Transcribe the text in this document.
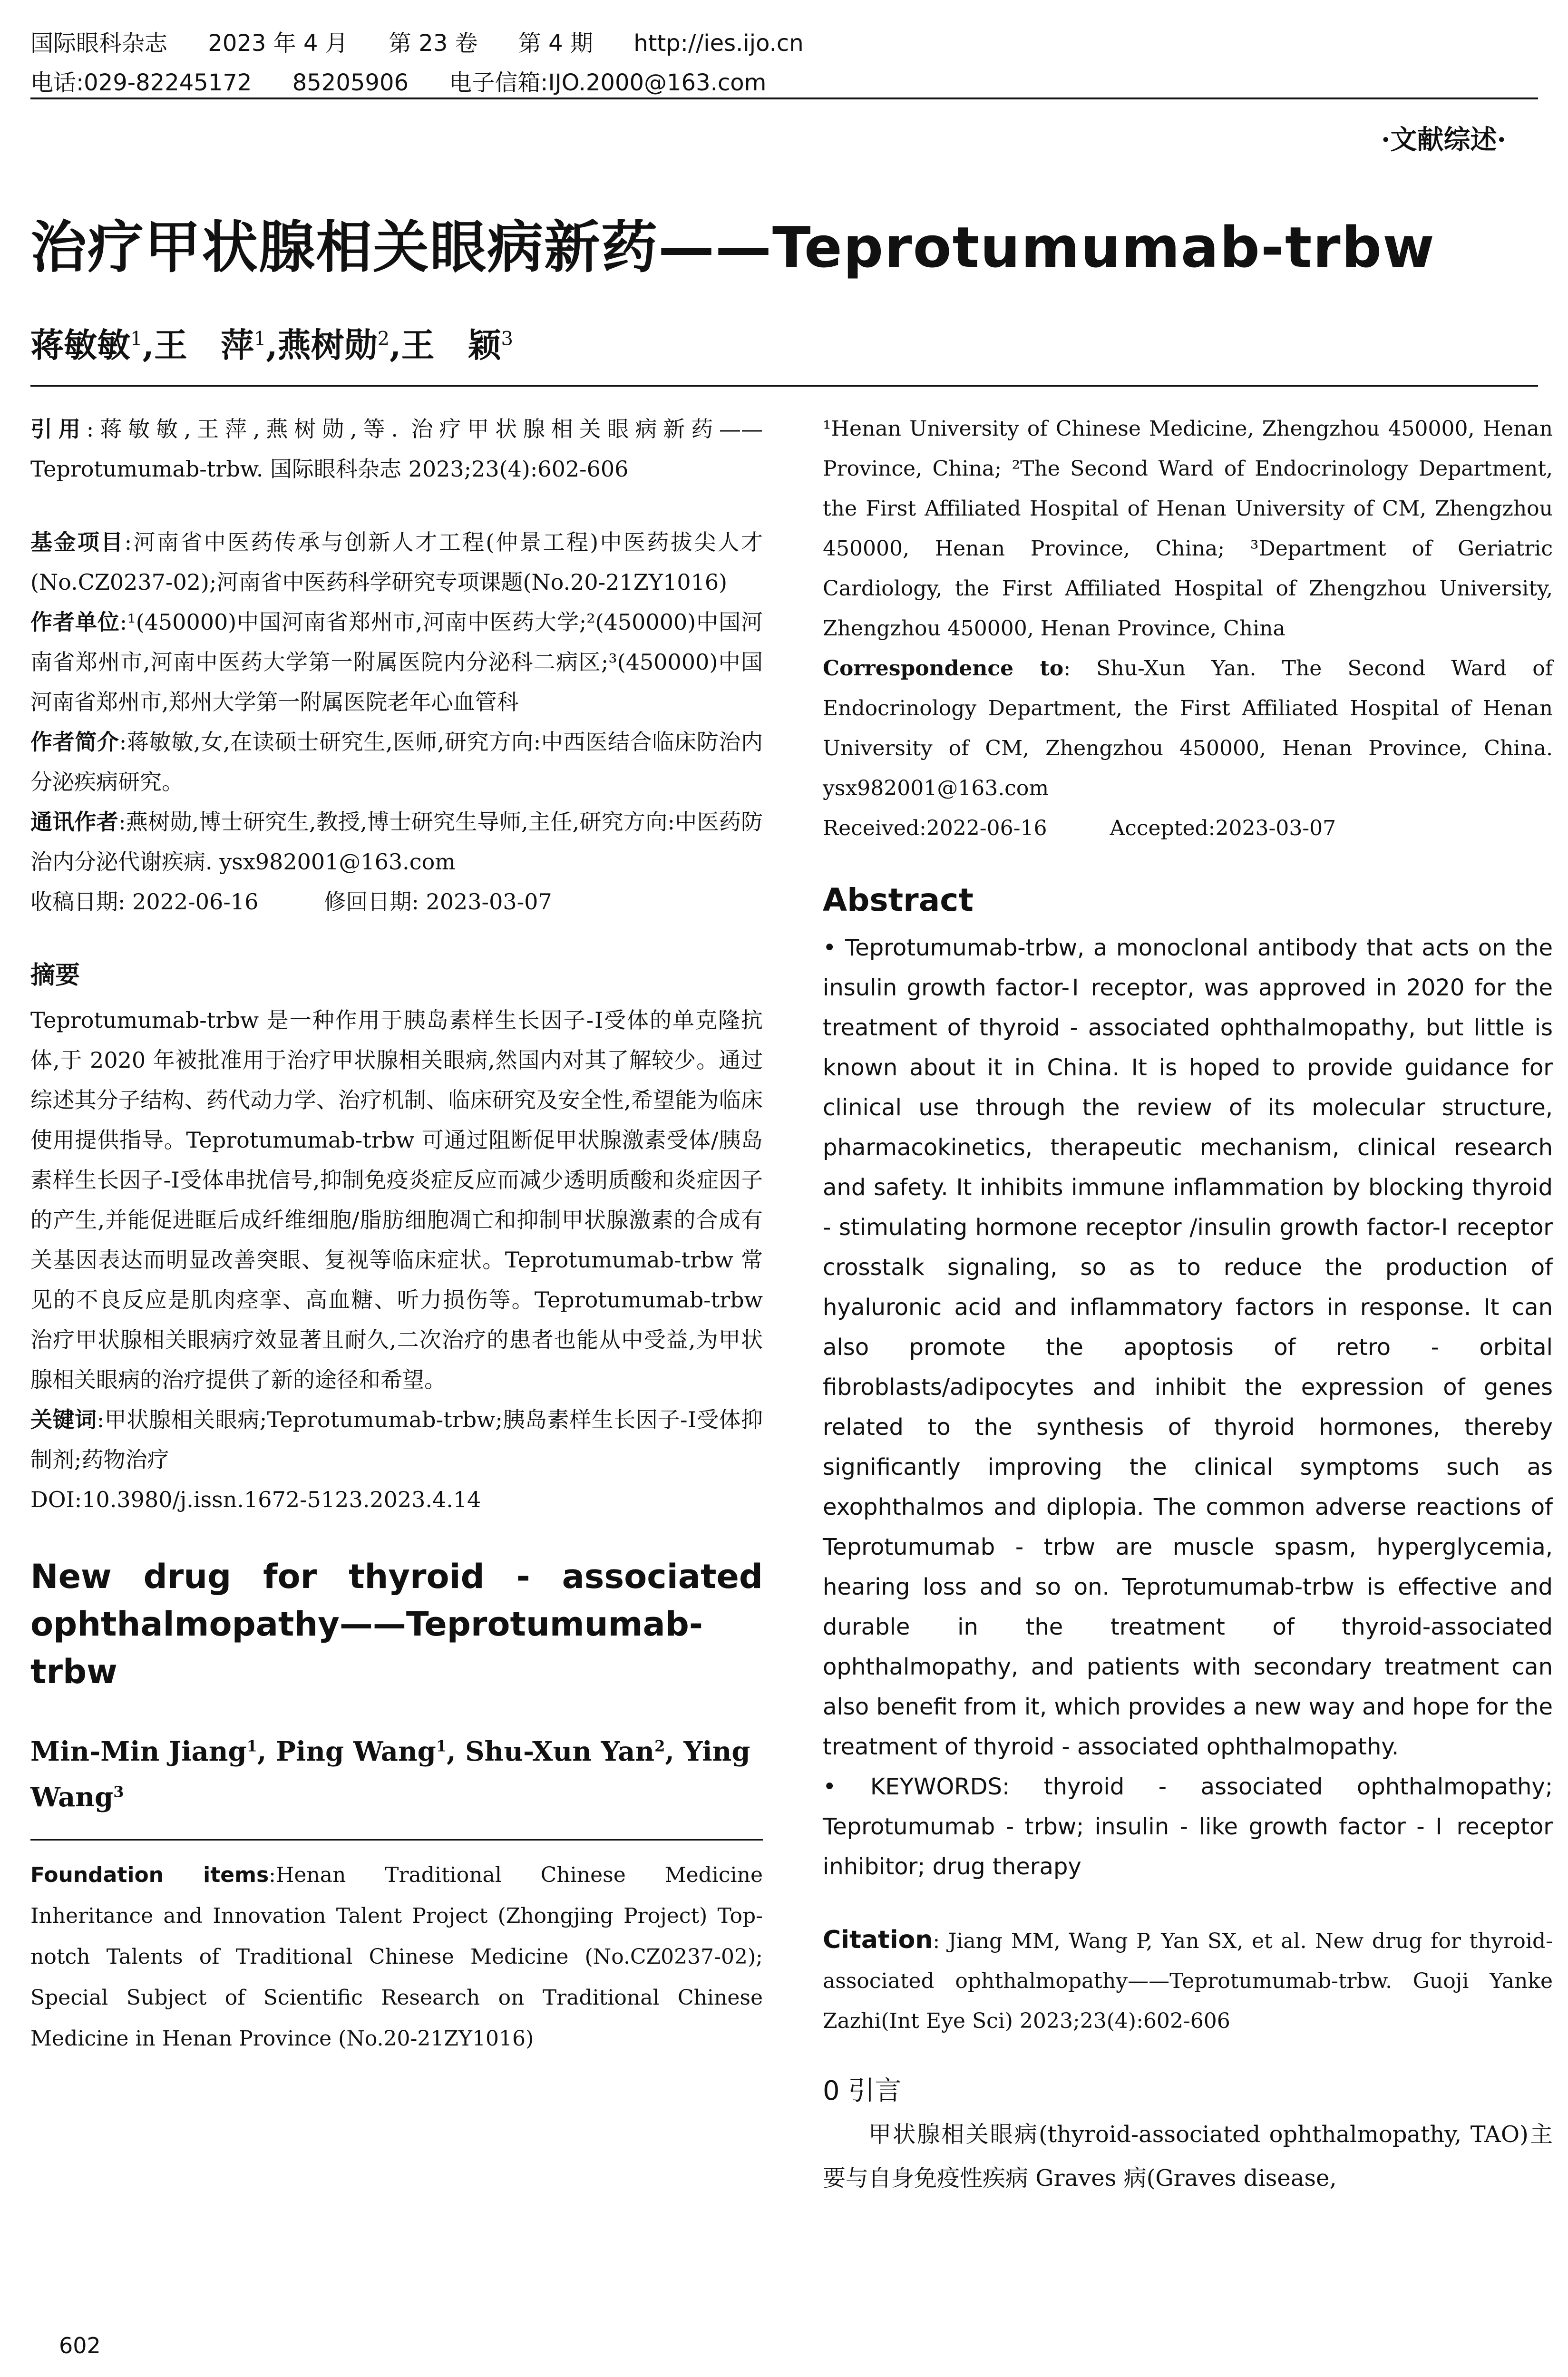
国际眼科杂志 2023 年 4 月 第 23 卷 第 4 期 http://ies.ijo.cn
电话:029-82245172 85205906 电子信箱:IJO.2000@163.com
·文献综述·
治疗甲状腺相关眼病新药——Teprotumumab-trbw
蒋敏敏$^1$,王　萍$^1$,燕树勋$^2$,王　颖$^3$

引用:蒋敏敏,王萍,燕树勋,等. 治疗甲状腺相关眼病新药——Teprotumumab-trbw. 国际眼科杂志 2023;23(4):602-606

基金项目:河南省中医药传承与创新人才工程(仲景工程)中医药拔尖人才(No.CZ0237-02);河南省中医药科学研究专项课题(No.20-21ZY1016)

作者单位:¹(450000)中国河南省郑州市,河南中医药大学;²(450000)中国河南省郑州市,河南中医药大学第一附属医院内分泌科二病区;³(450000)中国河南省郑州市,郑州大学第一附属医院老年心血管科

作者简介:蒋敏敏,女,在读硕士研究生,医师,研究方向:中西医结合临床防治内分泌疾病研究。

通讯作者:燕树勋,博士研究生,教授,博士研究生导师,主任,研究方向:中医药防治内分泌代谢疾病. ysx982001@163.com

收稿日期: 2022-06-16　　　修回日期: 2023-03-07

摘要

Teprotumumab-trbw 是一种作用于胰岛素样生长因子-Ⅰ受体的单克隆抗体,于 2020 年被批准用于治疗甲状腺相关眼病,然国内对其了解较少。通过综述其分子结构、药代动力学、治疗机制、临床研究及安全性,希望能为临床使用提供指导。Teprotumumab-trbw 可通过阻断促甲状腺激素受体/胰岛素样生长因子-Ⅰ受体串扰信号,抑制免疫炎症反应而减少透明质酸和炎症因子的产生,并能促进眶后成纤维细胞/脂肪细胞凋亡和抑制甲状腺激素的合成有关基因表达而明显改善突眼、复视等临床症状。Teprotumumab-trbw 常见的不良反应是肌肉痉挛、高血糖、听力损伤等。Teprotumumab-trbw 治疗甲状腺相关眼病疗效显著且耐久,二次治疗的患者也能从中受益,为甲状腺相关眼病的治疗提供了新的途径和希望。

关键词:甲状腺相关眼病;Teprotumumab-trbw;胰岛素样生长因子-Ⅰ受体抑制剂;药物治疗

DOI:10.3980/j.issn.1672-5123.2023.4.14

New drug for thyroid - associated ophthalmopathy——Teprotumumab-trbw

Min-Min Jiang$^1$, Ping Wang$^1$, Shu-Xun Yan$^2$, Ying Wang$^3$

Foundation items:Henan Traditional Chinese Medicine Inheritance and Innovation Talent Project (Zhongjing Project) Top-notch Talents of Traditional Chinese Medicine (No.CZ0237-02); Special Subject of Scientific Research on Traditional Chinese Medicine in Henan Province (No.20-21ZY1016)

¹Henan University of Chinese Medicine, Zhengzhou 450000, Henan Province, China; ²The Second Ward of Endocrinology Department, the First Affiliated Hospital of Henan University of CM, Zhengzhou 450000, Henan Province, China; ³Department of Geriatric Cardiology, the First Affiliated Hospital of Zhengzhou University, Zhengzhou 450000, Henan Province, China

Correspondence to: Shu-Xun Yan. The Second Ward of Endocrinology Department, the First Affiliated Hospital of Henan University of CM, Zhengzhou 450000, Henan Province, China. ysx982001@163.com

Received:2022-06-16　　　	Accepted:2023-03-07

Abstract

• Teprotumumab-trbw, a monoclonal antibody that acts on the insulin growth factor-Ⅰ receptor, was approved in 2020 for the treatment of thyroid - associated ophthalmopathy, but little is known about it in China. It is hoped to provide guidance for clinical use through the review of its molecular structure, pharmacokinetics, therapeutic mechanism, clinical research and safety. It inhibits immune inflammation by blocking thyroid - stimulating hormone receptor /insulin growth factor-Ⅰ receptor crosstalk signaling, so as to reduce the production of hyaluronic acid and inflammatory factors in response. It can also promote the apoptosis of retro - orbital fibroblasts/adipocytes and inhibit the expression of genes related to the synthesis of thyroid hormones, thereby significantly improving the clinical symptoms such as exophthalmos and diplopia. The common adverse reactions of Teprotumumab - trbw are muscle spasm, hyperglycemia, hearing loss and so on. Teprotumumab-trbw is effective and durable in the treatment of thyroid-associated ophthalmopathy, and patients with secondary treatment can also benefit from it, which provides a new way and hope for the treatment of thyroid - associated ophthalmopathy.

• KEYWORDS: thyroid - associated ophthalmopathy; Teprotumumab - trbw; insulin - like growth factor - Ⅰ receptor inhibitor; drug therapy

Citation: Jiang MM, Wang P, Yan SX, et al. New drug for thyroid-associated ophthalmopathy——Teprotumumab-trbw. Guoji Yanke Zazhi(Int Eye Sci) 2023;23(4):602-606

0 引言

甲状腺相关眼病(thyroid-associated ophthalmopathy, TAO)主要与自身免疫性疾病 Graves 病(Graves disease,

602
